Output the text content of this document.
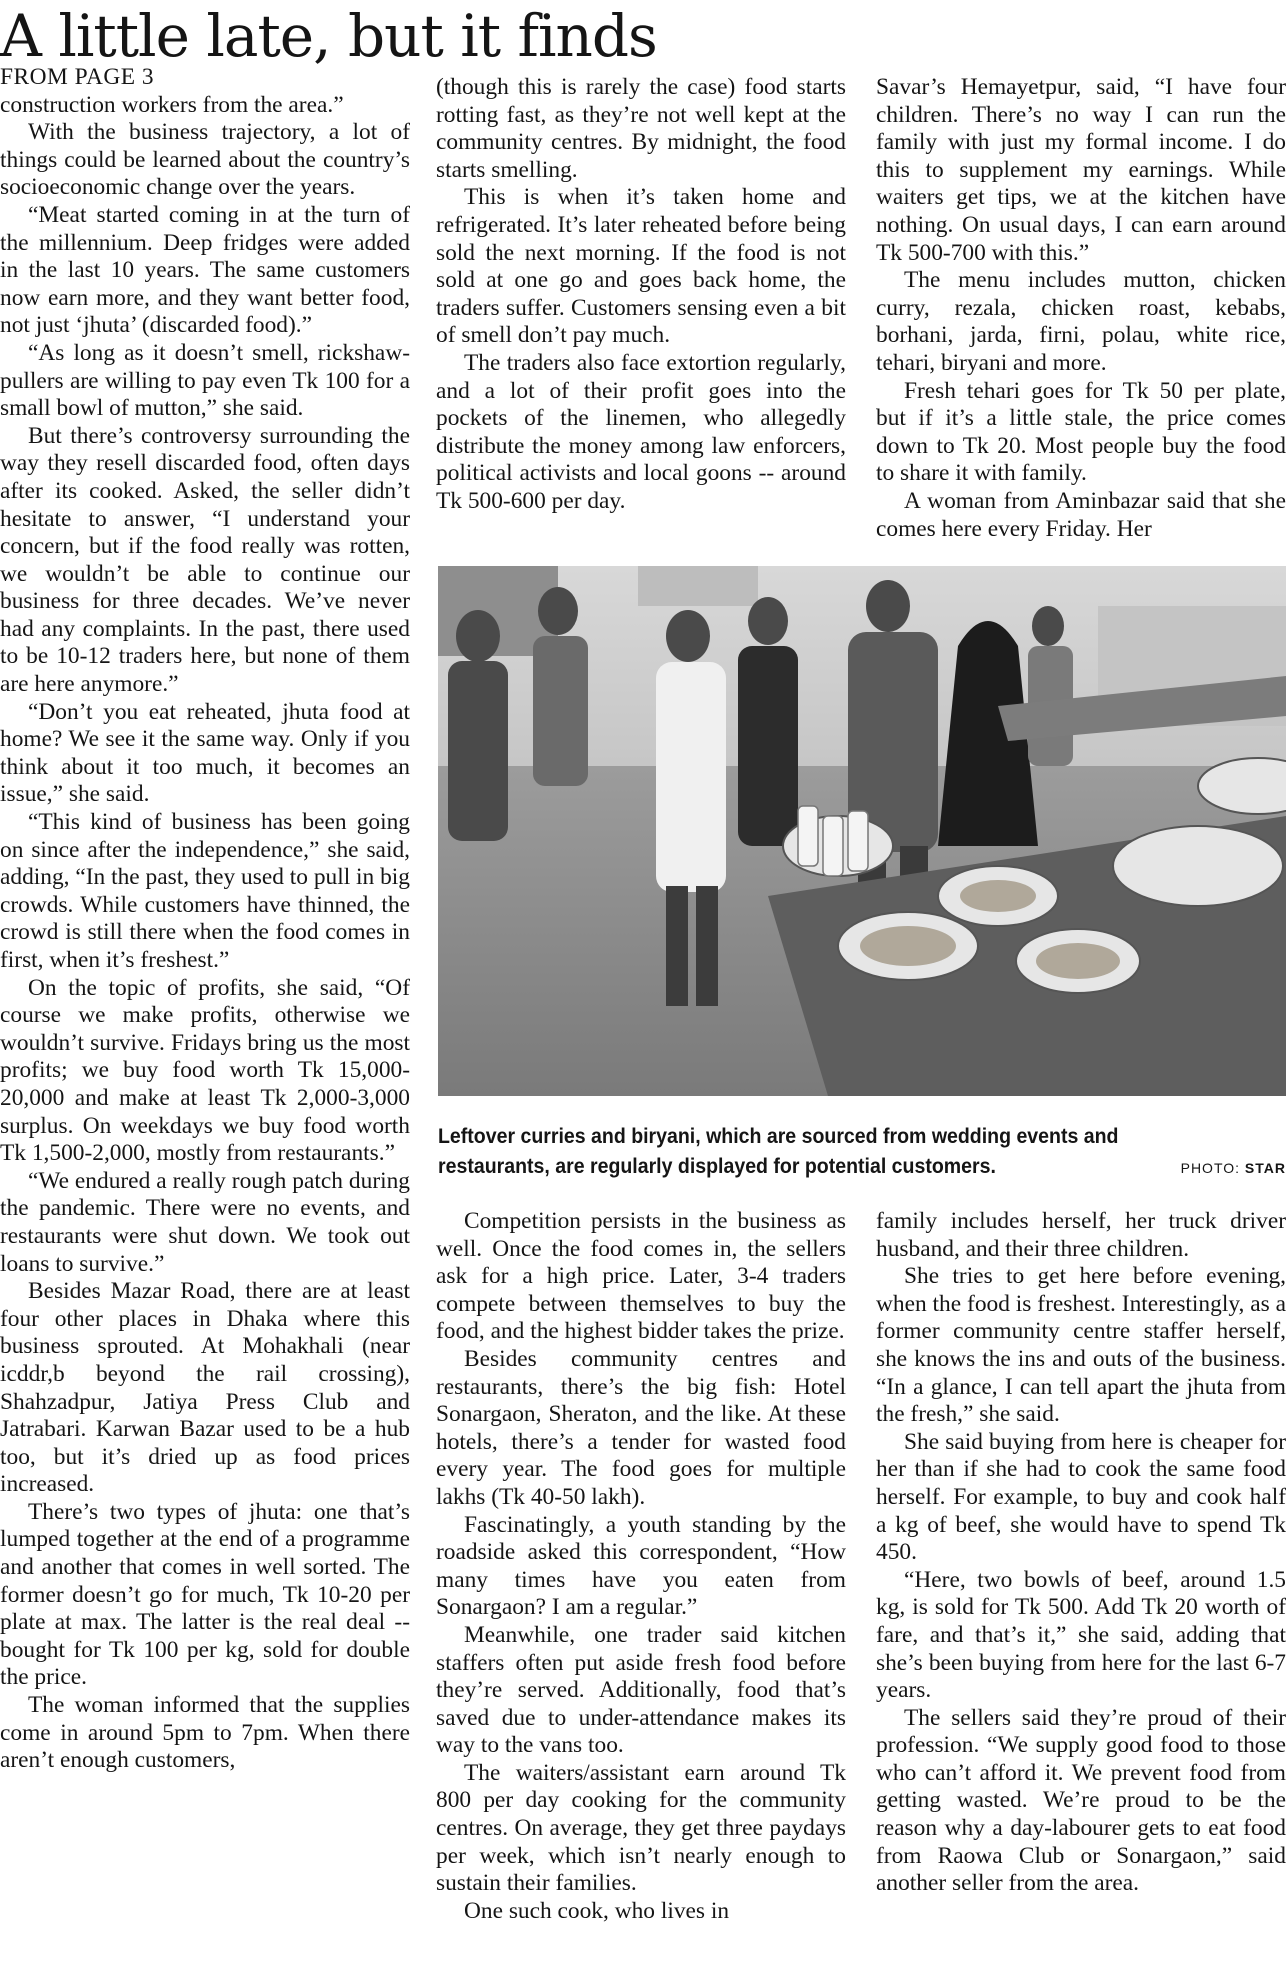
A little late, but it finds
FROM PAGE 3

construction workers from the area.”

With the business trajectory, a lot of things could be learned about the country’s socioeconomic change over the years.

“Meat started coming in at the turn of the millennium. Deep fridges were added in the last 10 years. The same customers now earn more, and they want better food, not just ‘jhuta’ (discarded food).”

“As long as it doesn’t smell, rickshaw-pullers are willing to pay even Tk 100 for a small bowl of mutton,” she said.

But there’s controversy surrounding the way they resell discarded food, often days after its cooked. Asked, the seller didn’t hesitate to answer, “I understand your concern, but if the food really was rotten, we wouldn’t be able to continue our business for three decades. We’ve never had any complaints. In the past, there used to be 10-12 traders here, but none of them are here anymore.”

“Don’t you eat reheated, jhuta food at home? We see it the same way. Only if you think about it too much, it becomes an issue,” she said.

“This kind of business has been going on since after the independence,” she said, adding, “In the past, they used to pull in big crowds. While customers have thinned, the crowd is still there when the food comes in first, when it’s freshest.”

On the topic of profits, she said, “Of course we make profits, otherwise we wouldn’t survive. Fridays bring us the most profits; we buy food worth Tk 15,000-20,000 and make at least Tk 2,000-3,000 surplus. On weekdays we buy food worth Tk 1,500-2,000, mostly from restaurants.”

“We endured a really rough patch during the pandemic. There were no events, and restaurants were shut down. We took out loans to survive.”

Besides Mazar Road, there are at least four other places in Dhaka where this business sprouted. At Mohakhali (near icddr,b beyond the rail crossing), Shahzadpur, Jatiya Press Club and Jatrabari. Karwan Bazar used to be a hub too, but it’s dried up as food prices increased.

There’s two types of jhuta: one that’s lumped together at the end of a programme and another that comes in well sorted. The former doesn’t go for much, Tk 10-20 per plate at max. The latter is the real deal -- bought for Tk 100 per kg, sold for double the price.

The woman informed that the supplies come in around 5pm to 7pm. When there aren’t enough customers,

(though this is rarely the case) food starts rotting fast, as they’re not well kept at the community centres. By midnight, the food starts smelling.

This is when it’s taken home and refrigerated. It’s later reheated before being sold the next morning. If the food is not sold at one go and goes back home, the traders suffer. Customers sensing even a bit of smell don’t pay much.

The traders also face extortion regularly, and a lot of their profit goes into the pockets of the linemen, who allegedly distribute the money among law enforcers, political activists and local goons -- around Tk 500-600 per day.

Savar’s Hemayetpur, said, “I have four children. There’s no way I can run the family with just my formal income. I do this to supplement my earnings. While waiters get tips, we at the kitchen have nothing. On usual days, I can earn around Tk 500-700 with this.”

The menu includes mutton, chicken curry, rezala, chicken roast, kebabs, borhani, jarda, firni, polau, white rice, tehari, biryani and more.

Fresh tehari goes for Tk 50 per plate, but if it’s a little stale, the price comes down to Tk 20. Most people buy the food to share it with family.

A woman from Aminbazar said that she comes here every Friday. Her

Leftover curries and biryani, which are sourced from wedding events and restaurants, are regularly displayed for potential customers.	PHOTO: STAR

Competition persists in the business as well. Once the food comes in, the sellers ask for a high price. Later, 3-4 traders compete between themselves to buy the food, and the highest bidder takes the prize.

Besides community centres and restaurants, there’s the big fish: Hotel Sonargaon, Sheraton, and the like. At these hotels, there’s a tender for wasted food every year. The food goes for multiple lakhs (Tk 40-50 lakh).

Fascinatingly, a youth standing by the roadside asked this correspondent, “How many times have you eaten from Sonargaon? I am a regular.”

Meanwhile, one trader said kitchen staffers often put aside fresh food before they’re served. Additionally, food that’s saved due to under-attendance makes its way to the vans too.

The waiters/assistant earn around Tk 800 per day cooking for the community centres. On average, they get three paydays per week, which isn’t nearly enough to sustain their families.

One such cook, who lives in

family includes herself, her truck driver husband, and their three children.

She tries to get here before evening, when the food is freshest. Interestingly, as a former community centre staffer herself, she knows the ins and outs of the business. “In a glance, I can tell apart the jhuta from the fresh,” she said.

She said buying from here is cheaper for her than if she had to cook the same food herself. For example, to buy and cook half a kg of beef, she would have to spend Tk 450.

“Here, two bowls of beef, around 1.5 kg, is sold for Tk 500. Add Tk 20 worth of fare, and that’s it,” she said, adding that she’s been buying from here for the last 6-7 years.

The sellers said they’re proud of their profession. “We supply good food to those who can’t afford it. We prevent food from getting wasted. We’re proud to be the reason why a day-labourer gets to eat food from Raowa Club or Sonargaon,” said another seller from the area.
